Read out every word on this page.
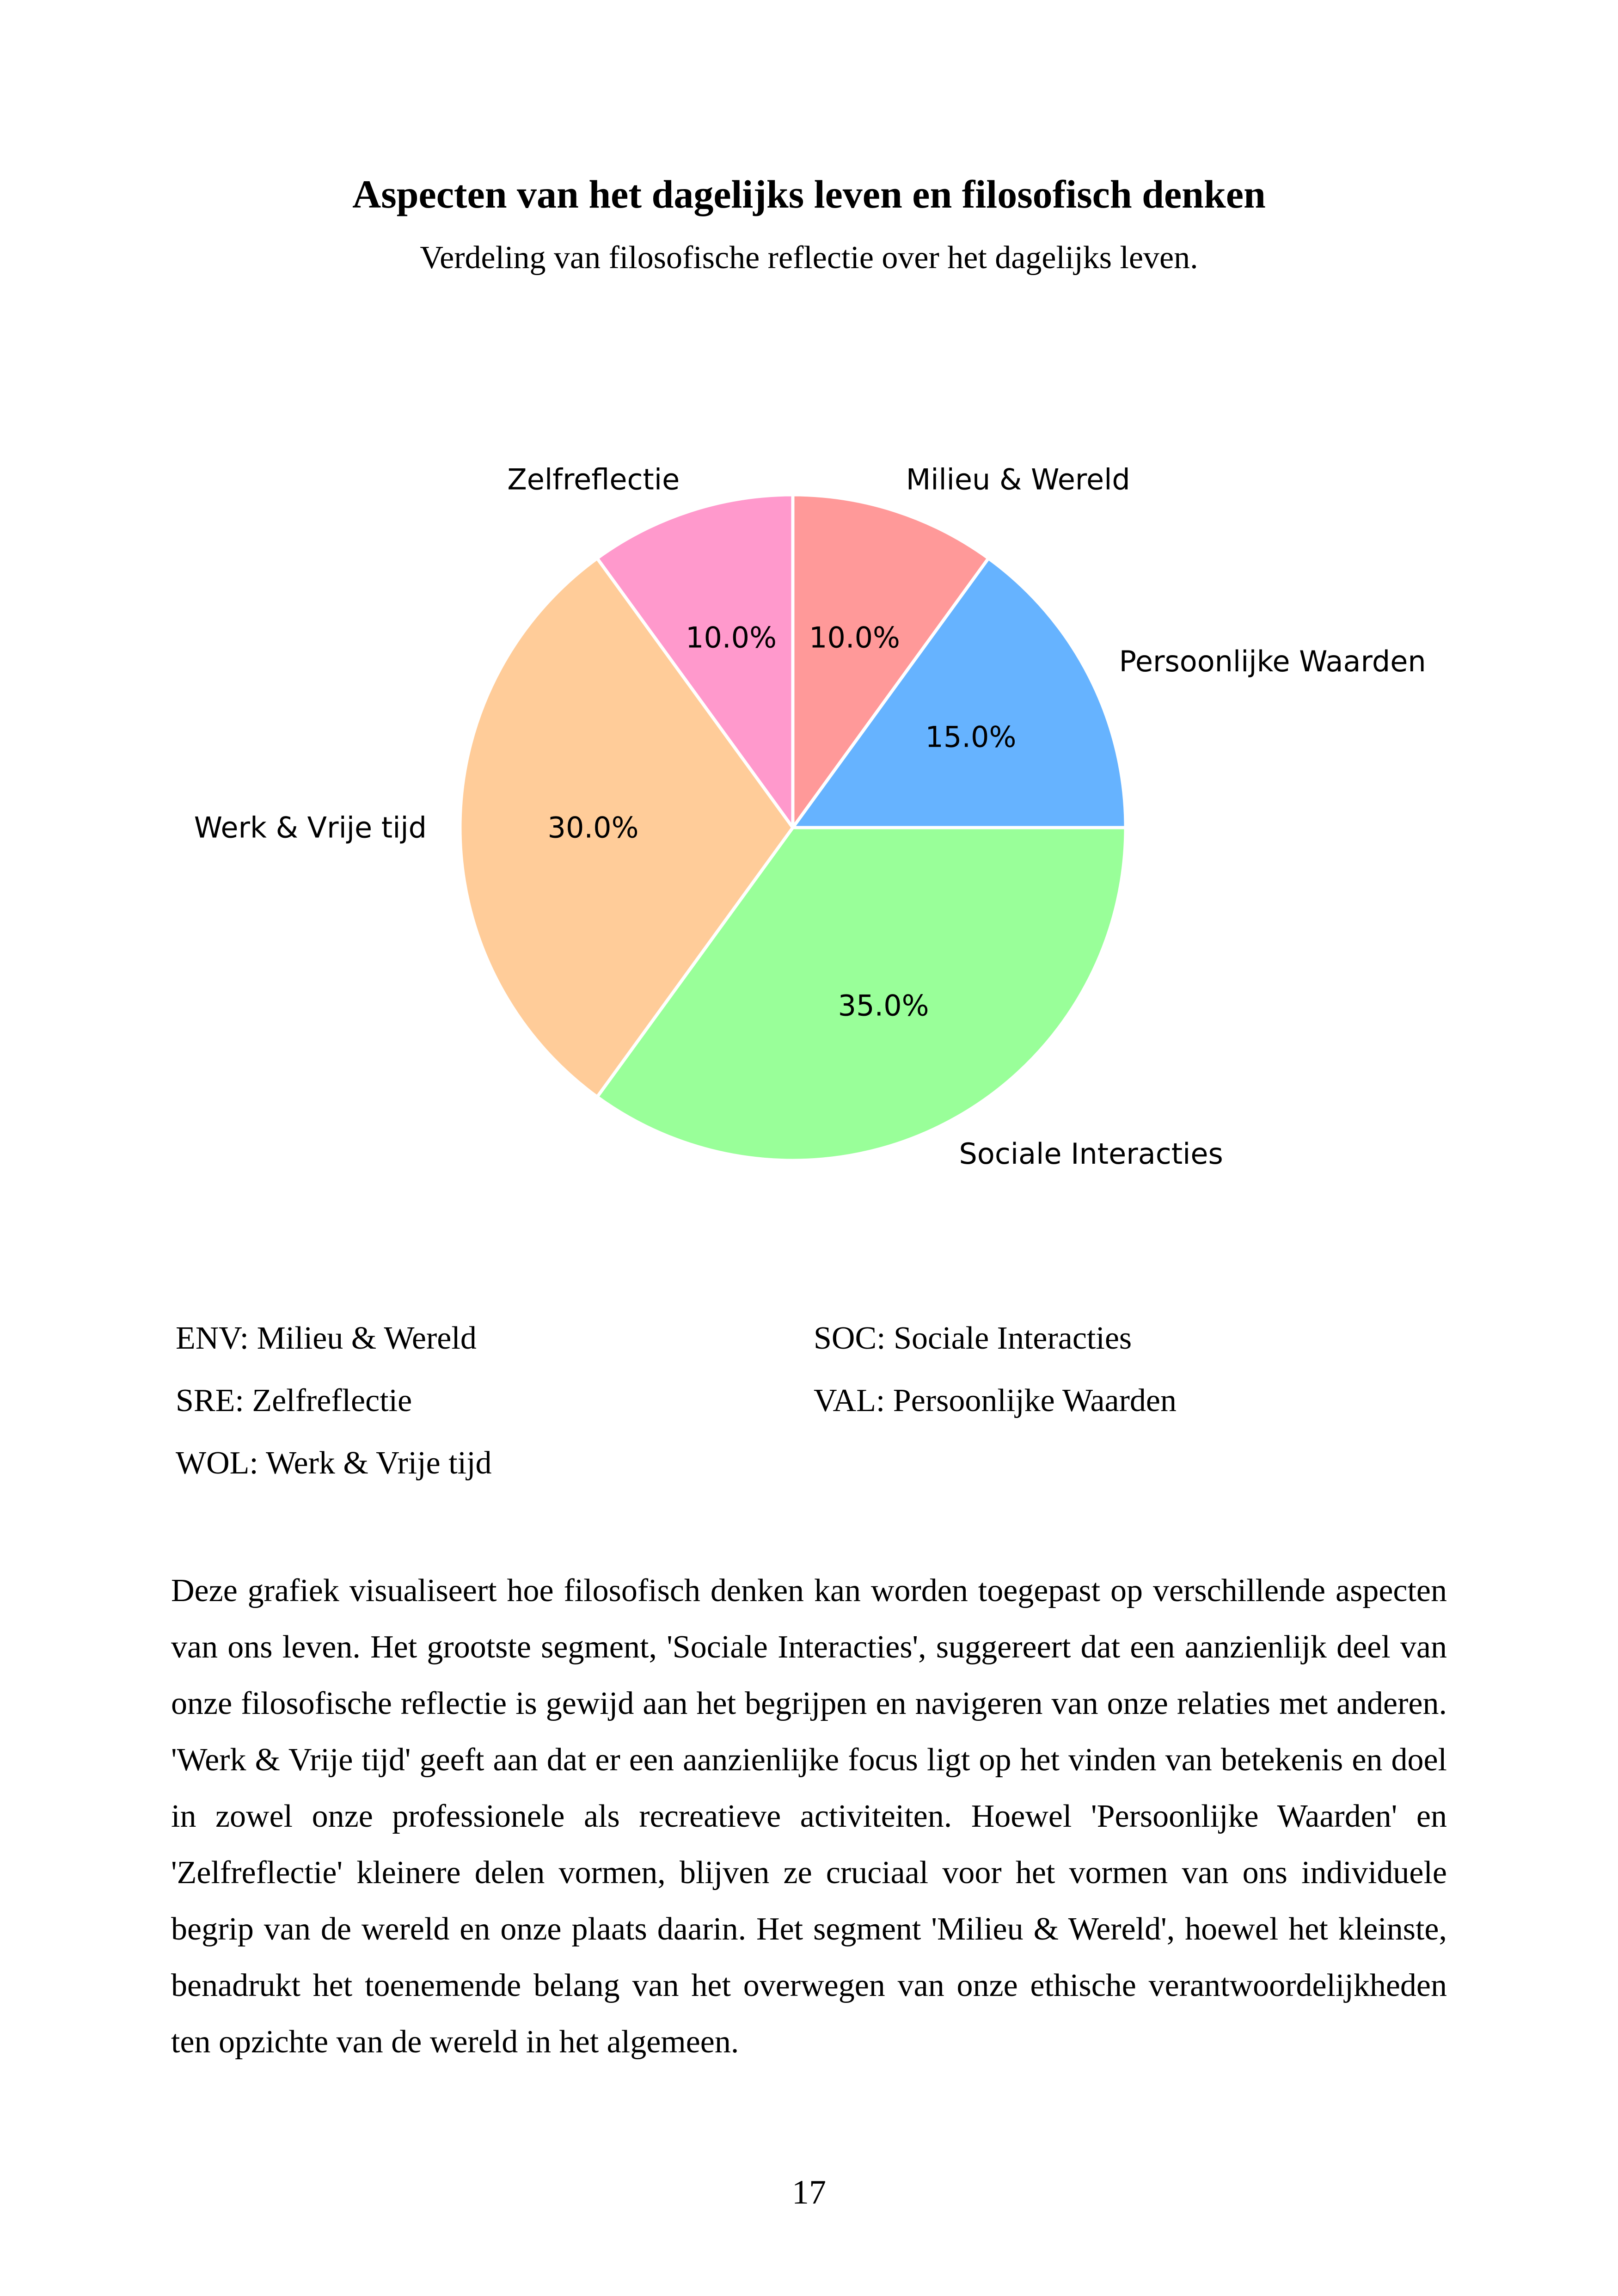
Aspecten van het dagelijks leven en filosofisch denken
Verdeling van filosofische reflectie over het dagelijks leven.
10.0%
15.0%
35.0%
30.0%
10.0%
Milieu & Wereld
Persoonlijke Waarden
Sociale Interacties
Werk & Vrije tijd
Zelfreflectie
ENV: Milieu & Wereld	SOC: Sociale Interacties
SRE: Zelfreflectie	VAL: Persoonlijke Waarden
WOL: Werk & Vrije tijd
Deze grafiek visualiseert hoe filosofisch denken kan worden toegepast op verschillende aspecten van ons leven. Het grootste segment, 'Sociale Interacties', suggereert dat een aanzienlijk deel van onze filosofische reflectie is gewijd aan het begrijpen en navigeren van onze relaties met anderen. 'Werk & Vrije tijd' geeft aan dat er een aanzienlijke focus ligt op het vinden van betekenis en doel in zowel onze professionele als recreatieve activiteiten. Hoewel 'Persoonlijke Waarden' en 'Zelfreflectie' kleinere delen vormen, blijven ze cruciaal voor het vormen van ons individuele begrip van de wereld en onze plaats daarin. Het segment 'Milieu & Wereld', hoewel het kleinste, benadrukt het toenemende belang van het overwegen van onze ethische verantwoordelijkheden ten opzichte van de wereld in het algemeen.
17
